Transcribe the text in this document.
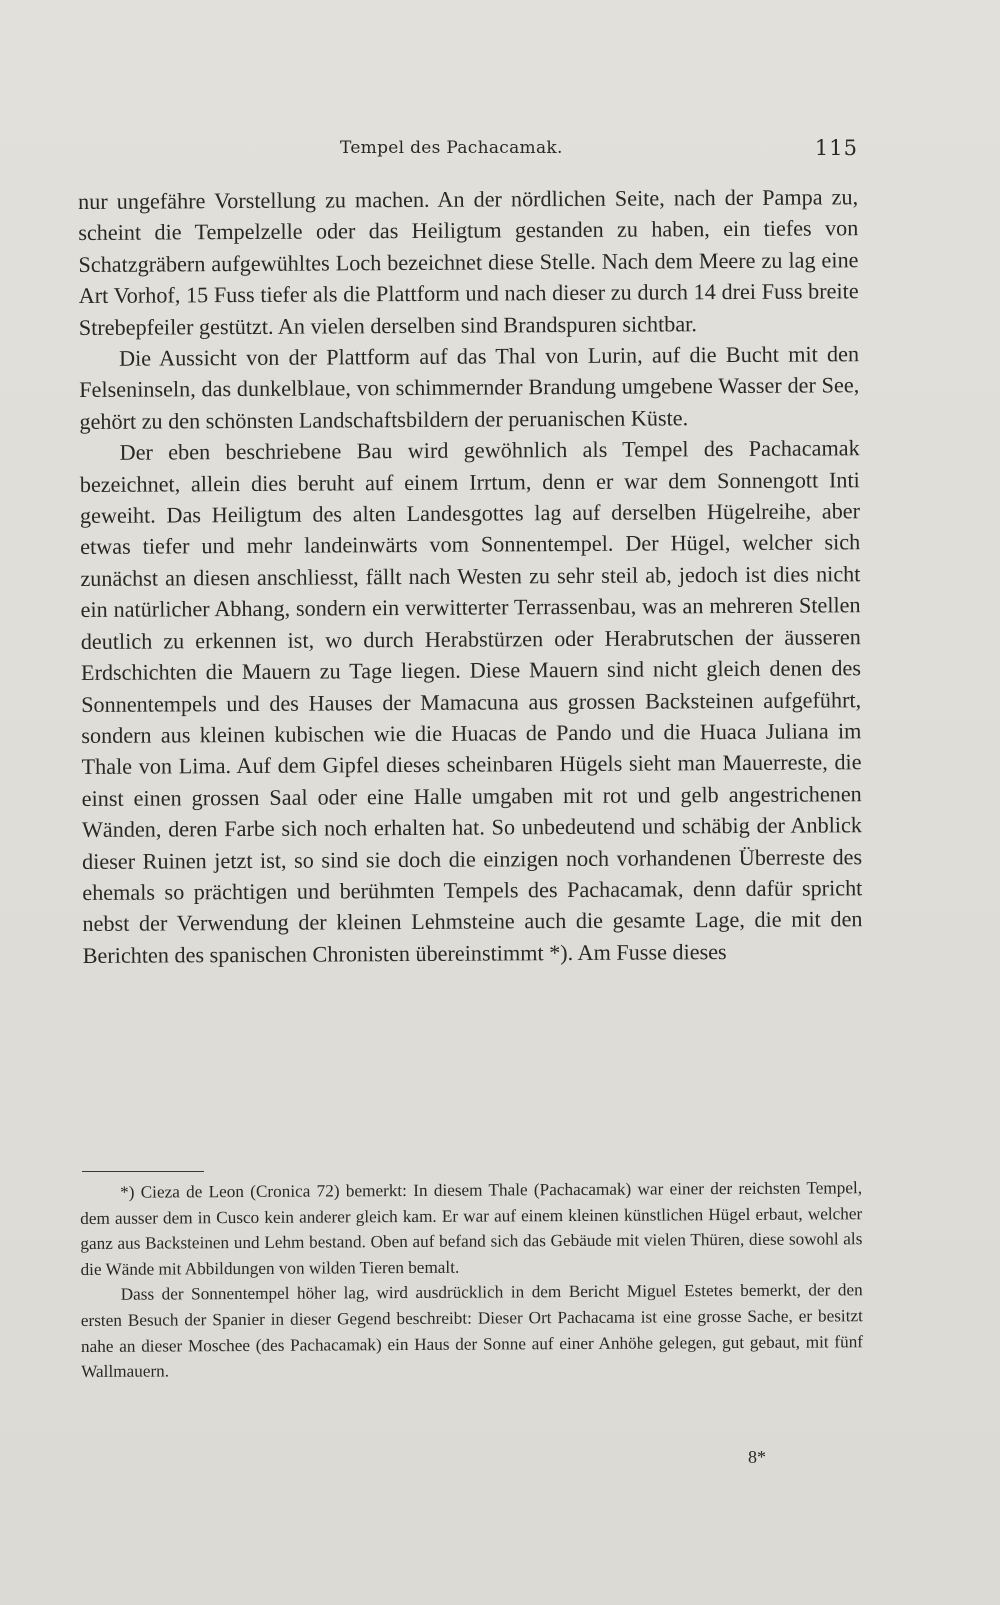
Tempel des Pachacamak.	115

nur ungefähre Vorstellung zu machen. An der nördlichen Seite, nach der Pampa zu, scheint die Tempelzelle oder das Heiligtum gestanden zu haben, ein tiefes von Schatzgräbern aufgewühltes Loch bezeichnet diese Stelle. Nach dem Meere zu lag eine Art Vorhof, 15 Fuss tiefer als die Plattform und nach dieser zu durch 14 drei Fuss breite Strebepfeiler gestützt. An vielen derselben sind Brandspuren sichtbar.

Die Aussicht von der Plattform auf das Thal von Lurin, auf die Bucht mit den Felseninseln, das dunkelblaue, von schimmernder Brandung umgebene Wasser der See, gehört zu den schönsten Landschaftsbildern der peruanischen Küste.

Der eben beschriebene Bau wird gewöhnlich als Tempel des Pachacamak bezeichnet, allein dies beruht auf einem Irrtum, denn er war dem Sonnengott Inti geweiht. Das Heiligtum des alten Landesgottes lag auf derselben Hügelreihe, aber etwas tiefer und mehr landeinwärts vom Sonnentempel. Der Hügel, welcher sich zunächst an diesen anschliesst, fällt nach Westen zu sehr steil ab, jedoch ist dies nicht ein natürlicher Abhang, sondern ein verwitterter Terrassenbau, was an mehreren Stellen deutlich zu erkennen ist, wo durch Herabstürzen oder Herabrutschen der äusseren Erdschichten die Mauern zu Tage liegen. Diese Mauern sind nicht gleich denen des Sonnentempels und des Hauses der Mamacuna aus grossen Backsteinen aufgeführt, sondern aus kleinen kubischen wie die Huacas de Pando und die Huaca Juliana im Thale von Lima. Auf dem Gipfel dieses scheinbaren Hügels sieht man Mauerreste, die einst einen grossen Saal oder eine Halle umgaben mit rot und gelb angestrichenen Wänden, deren Farbe sich noch erhalten hat. So unbedeutend und schäbig der Anblick dieser Ruinen jetzt ist, so sind sie doch die einzigen noch vorhandenen Überreste des ehemals so prächtigen und berühmten Tempels des Pachacamak, denn dafür spricht nebst der Verwendung der kleinen Lehmsteine auch die gesamte Lage, die mit den Berichten des spanischen Chronisten übereinstimmt *). Am Fusse dieses

*) Cieza de Leon (Cronica 72) bemerkt: In diesem Thale (Pachacamak) war einer der reichsten Tempel, dem ausser dem in Cusco kein anderer gleich kam. Er war auf einem kleinen künstlichen Hügel erbaut, welcher ganz aus Backsteinen und Lehm bestand. Oben auf befand sich das Gebäude mit vielen Thüren, diese sowohl als die Wände mit Abbildungen von wilden Tieren bemalt.

Dass der Sonnentempel höher lag, wird ausdrücklich in dem Bericht Miguel Estetes bemerkt, der den ersten Besuch der Spanier in dieser Gegend beschreibt: Dieser Ort Pachacama ist eine grosse Sache, er besitzt nahe an dieser Moschee (des Pachacamak) ein Haus der Sonne auf einer Anhöhe gelegen, gut gebaut, mit fünf Wallmauern.

8*
